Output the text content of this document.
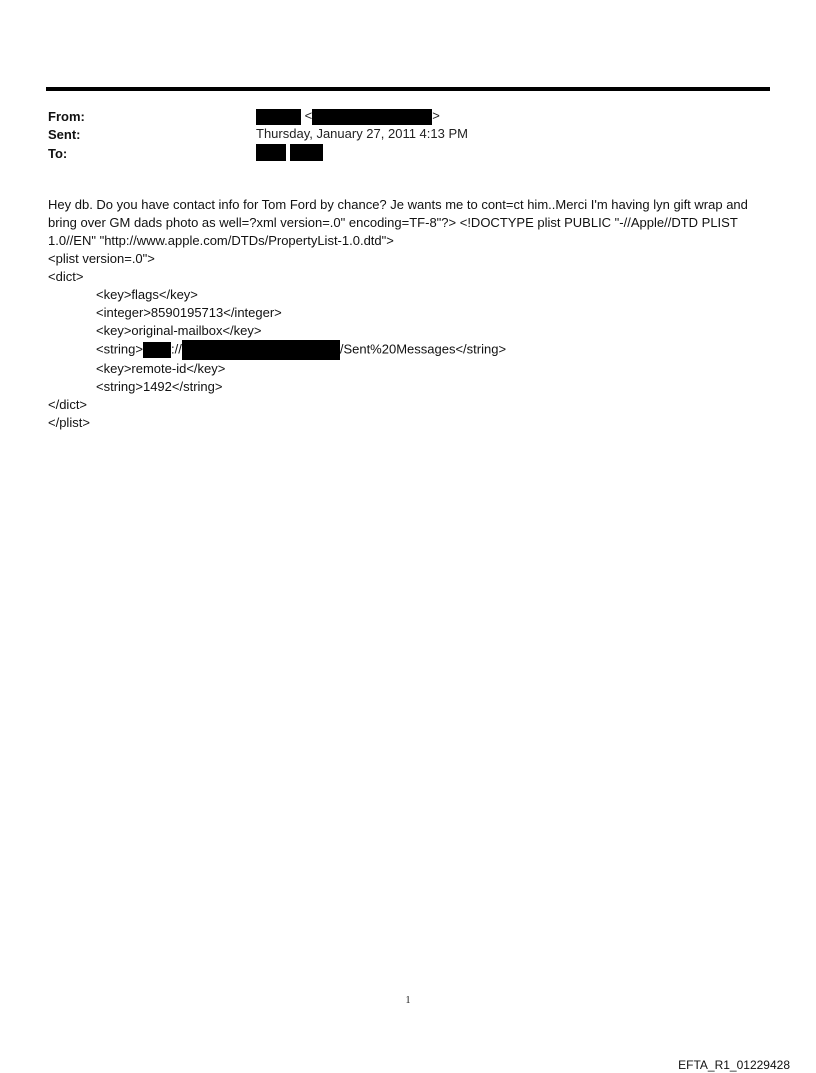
From:	<	>
Sent:	Thursday, January 27, 2011 4:13 PM
To:

Hey db. Do you have contact info for Tom Ford by chance? Je wants me to cont=ct him..Merci I'm having lyn gift wrap and bring over GM dads photo as well=?xml version=.0" encoding=TF-8"?> <!DOCTYPE plist PUBLIC "-//Apple//DTD PLIST 1.0//EN" "http://www.apple.com/DTDs/PropertyList-1.0.dtd">

<plist version=.0">

<dict>

<key>flags</key>

<integer>8590195713</integer>

<key>original-mailbox</key>

<string> ://	/Sent%20Messages</string>

<key>remote-id</key>

<string>1492</string>

</dict>

</plist>

1
EFTA_R1_01229428
